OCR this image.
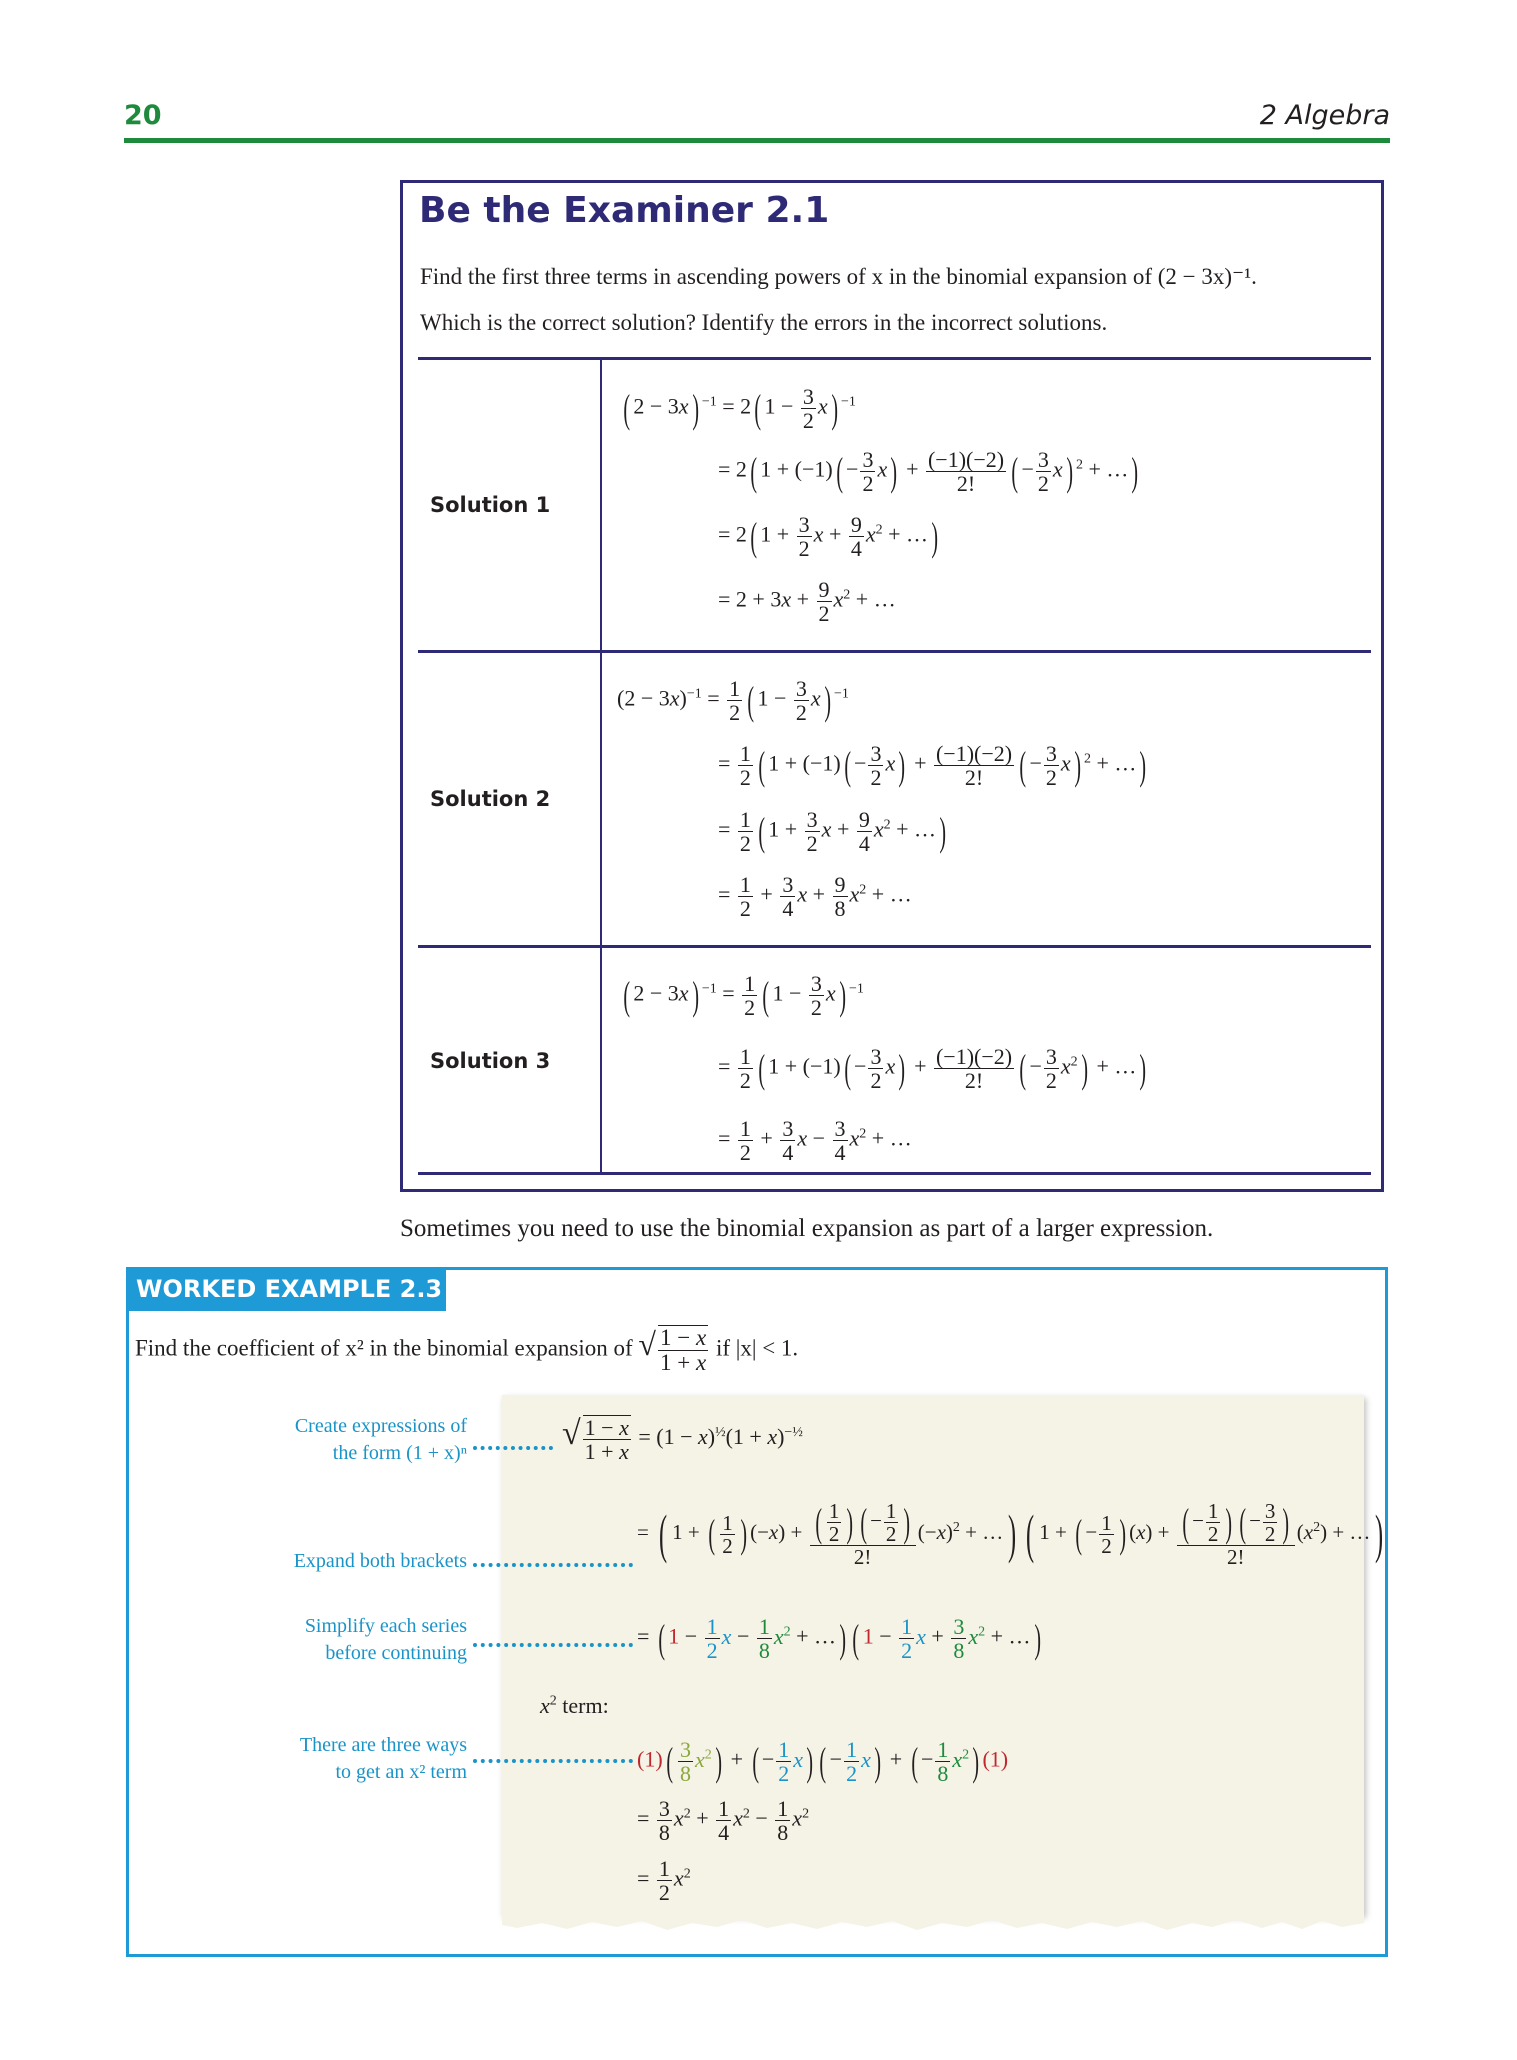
20	2 Algebra
Be the Examiner 2.1
Find the first three terms in ascending powers of x in the binomial expansion of (2 − 3x)⁻¹.
Which is the correct solution? Identify the errors in the incorrect solutions.
Solution 1
Solution 2
Solution 3
( 2 − 3x) $^{-1}$ = 2( $1 - \frac{3}{2} x$) $^{-1}$
= 2( $1 + (-1)( - \frac{3}{2} x) + \frac{(-1)(-2)}{2!}$ ( − $\frac{3}{2} x$) $^2$ + …)
= 2( $1 + \frac{3}{2}$ $x + \frac{9}{4} x^2$ + …)
= $2 + 3x + \frac{9}{2} x^2$ + …
$(2 - 3x)^{-1} = \frac{1}{2}$ ( $1 - \frac{3}{2} x$) $^{-1}$
= $\frac{1}{2}$ ( $1 + (-1)( - \frac{3}{2} x) + \frac{(-1)(-2)}{2!}$ ( − $\frac{3}{2} x$) $^2$ + …)
= $\frac{1}{2}$ ( $1 + \frac{3}{2}$ $x + \frac{9}{4} x^2$ + …)
= $\frac{1}{2} + \frac{3}{4}$ $x + \frac{9}{8} x^2$ + …
( 2 − 3x) $^{-1} = \frac{1}{2}$ ( $1 - \frac{3}{2} x$) $^{-1}$
= $\frac{1}{2}$ ( $1 + (-1)( - \frac{3}{2} x) + \frac{(-1)(-2)}{2!}$ ( − $\frac{3}{2} x^2$) + …)
= $\frac{1}{2} + \frac{3}{4}$ $x - \frac{3}{4} x^2$ + …
Sometimes you need to use the binomial expansion as part of a larger expression.
WORKED EXAMPLE 2.3
Find the coefficient of x² in the binomial expansion of √ $\frac{1 - x}{1 + x}$ if |x| < 1.
Create expressions of
the form (1 + x)ⁿ
Expand both brackets
Simplify each series
before continuing
There are three ways
to get an x² term
√ $\frac{1 - x}{1 + x} = (1 - x)^{\frac{1}{2}}(1 + x)^{-\frac{1}{2}}$
= ( 1 + ( $\frac{1}{2}$ ) $(-x) + \frac{( \frac{1}{2} ) ( - \frac{1}{2} )}{2!} (-x)^2$ + …) ( 1 + ( − $\frac{1}{2}$ ) $(x) + \frac{( - \frac{1}{2} ) ( - \frac{3}{2} )}{2!} (x^2)$ + …)
= ( $1 - \frac{1}{2}$ $x - \frac{1}{8} x^2$ + …) ( $1 - \frac{1}{2}$ $x + \frac{3}{8} x^2$ + …)
$x^2$ term:
$(1)( \frac{3}{8} x^2)$ + ( − $\frac{1}{2} x$) ( − $\frac{1}{2} x$) + ( − $\frac{1}{8} x^2$) (1)
= $\frac{3}{8} x^2 + \frac{1}{4} x^2 - \frac{1}{8} x^2$
= $\frac{1}{2} x^2$
